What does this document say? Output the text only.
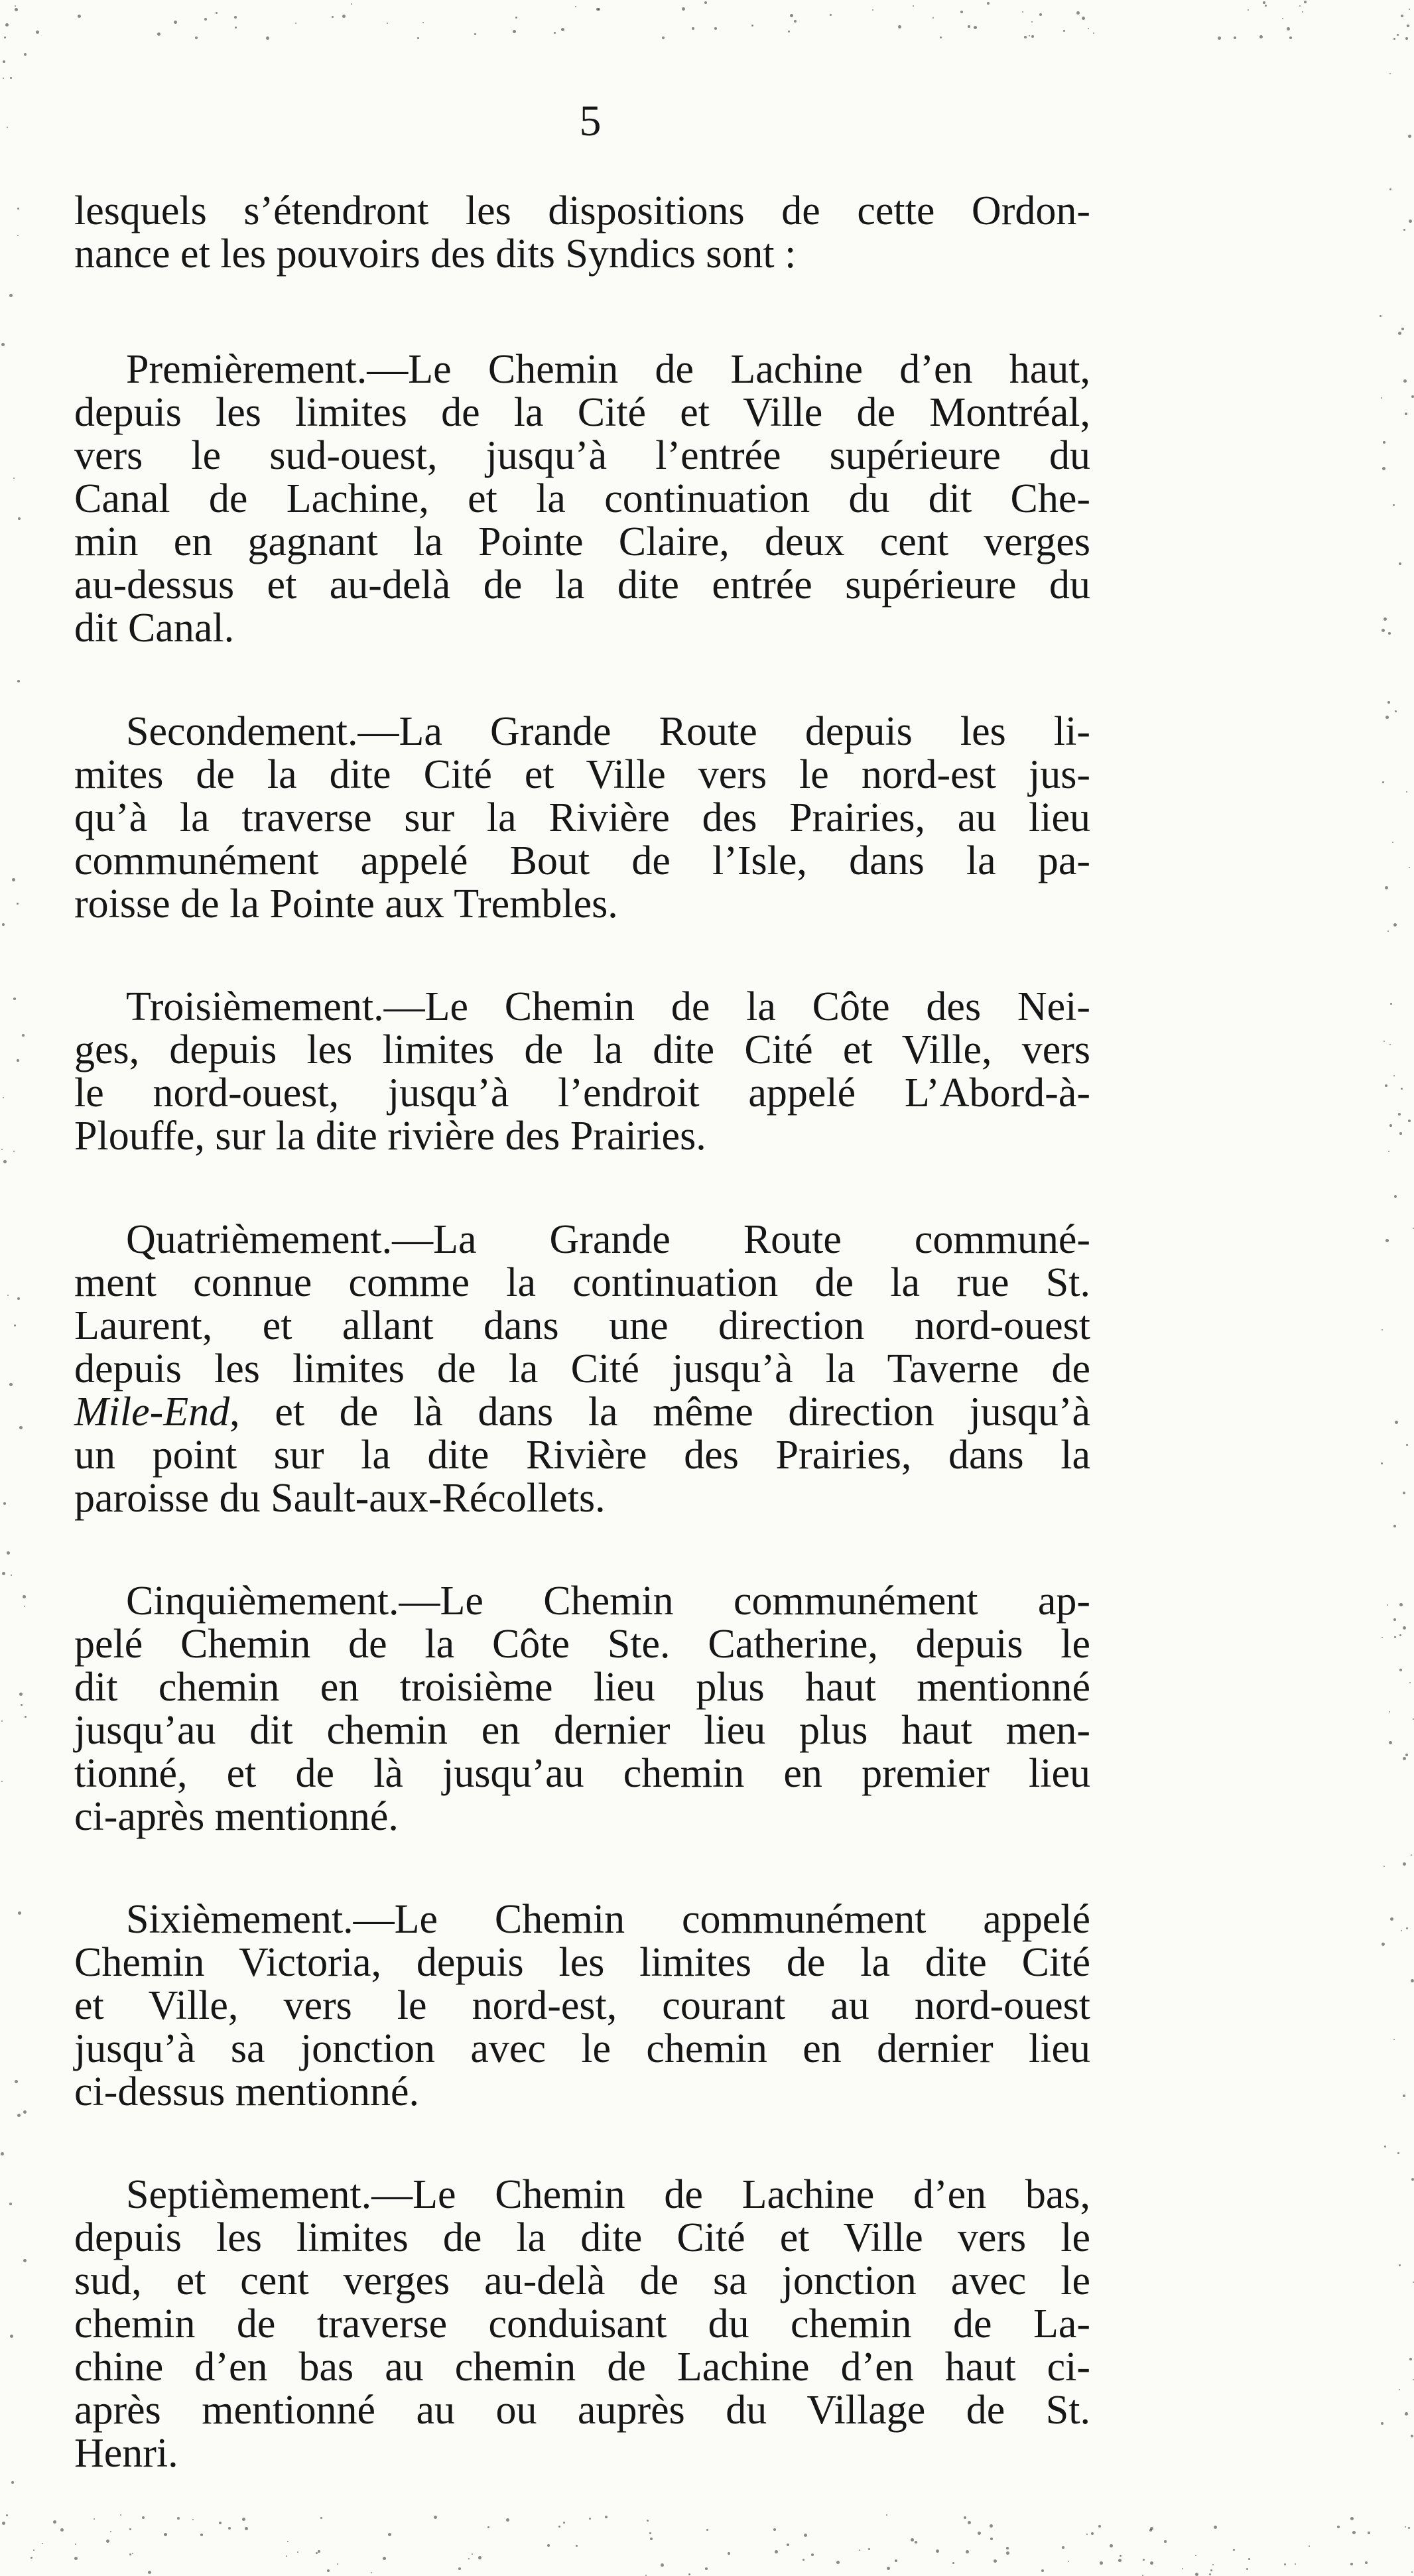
5
lesquels s’étendront les dispositions de cette Ordon-
nance et les pouvoirs des dits Syndics sont :
Premièrement.—Le Chemin de Lachine d’en haut,
depuis les limites de la Cité et Ville de Montréal,
vers le sud-ouest, jusqu’à l’entrée supérieure du
Canal de Lachine, et la continuation du dit Che-
min en gagnant la Pointe Claire, deux cent verges
au-dessus et au-delà de la dite entrée supérieure du
dit Canal.
Secondement.—La Grande Route depuis les li-
mites de la dite Cité et Ville vers le nord-est jus-
qu’à la traverse sur la Rivière des Prairies, au lieu
communément appelé Bout de l’Isle, dans la pa-
roisse de la Pointe aux Trembles.
Troisièmement.—Le Chemin de la Côte des Nei-
ges, depuis les limites de la dite Cité et Ville, vers
le nord-ouest, jusqu’à l’endroit appelé L’Abord-à-
Plouffe, sur la dite rivière des Prairies.
Quatrièmement.—La Grande Route communé-
ment connue comme la continuation de la rue St.
Laurent, et allant dans une direction nord-ouest
depuis les limites de la Cité jusqu’à la Taverne de
Mile-End, et de là dans la même direction jusqu’à
un point sur la dite Rivière des Prairies, dans la
paroisse du Sault-aux-Récollets.
Cinquièmement.—Le Chemin communément ap-
pelé Chemin de la Côte Ste. Catherine, depuis le
dit chemin en troisième lieu plus haut mentionné
jusqu’au dit chemin en dernier lieu plus haut men-
tionné, et de là jusqu’au chemin en premier lieu
ci-après mentionné.
Sixièmement.—Le Chemin communément appelé
Chemin Victoria, depuis les limites de la dite Cité
et Ville, vers le nord-est, courant au nord-ouest
jusqu’à sa jonction avec le chemin en dernier lieu
ci-dessus mentionné.
Septièmement.—Le Chemin de Lachine d’en bas,
depuis les limites de la dite Cité et Ville vers le
sud, et cent verges au-delà de sa jonction avec le
chemin de traverse conduisant du chemin de La-
chine d’en bas au chemin de Lachine d’en haut ci-
après mentionné au ou auprès du Village de St.
Henri.
